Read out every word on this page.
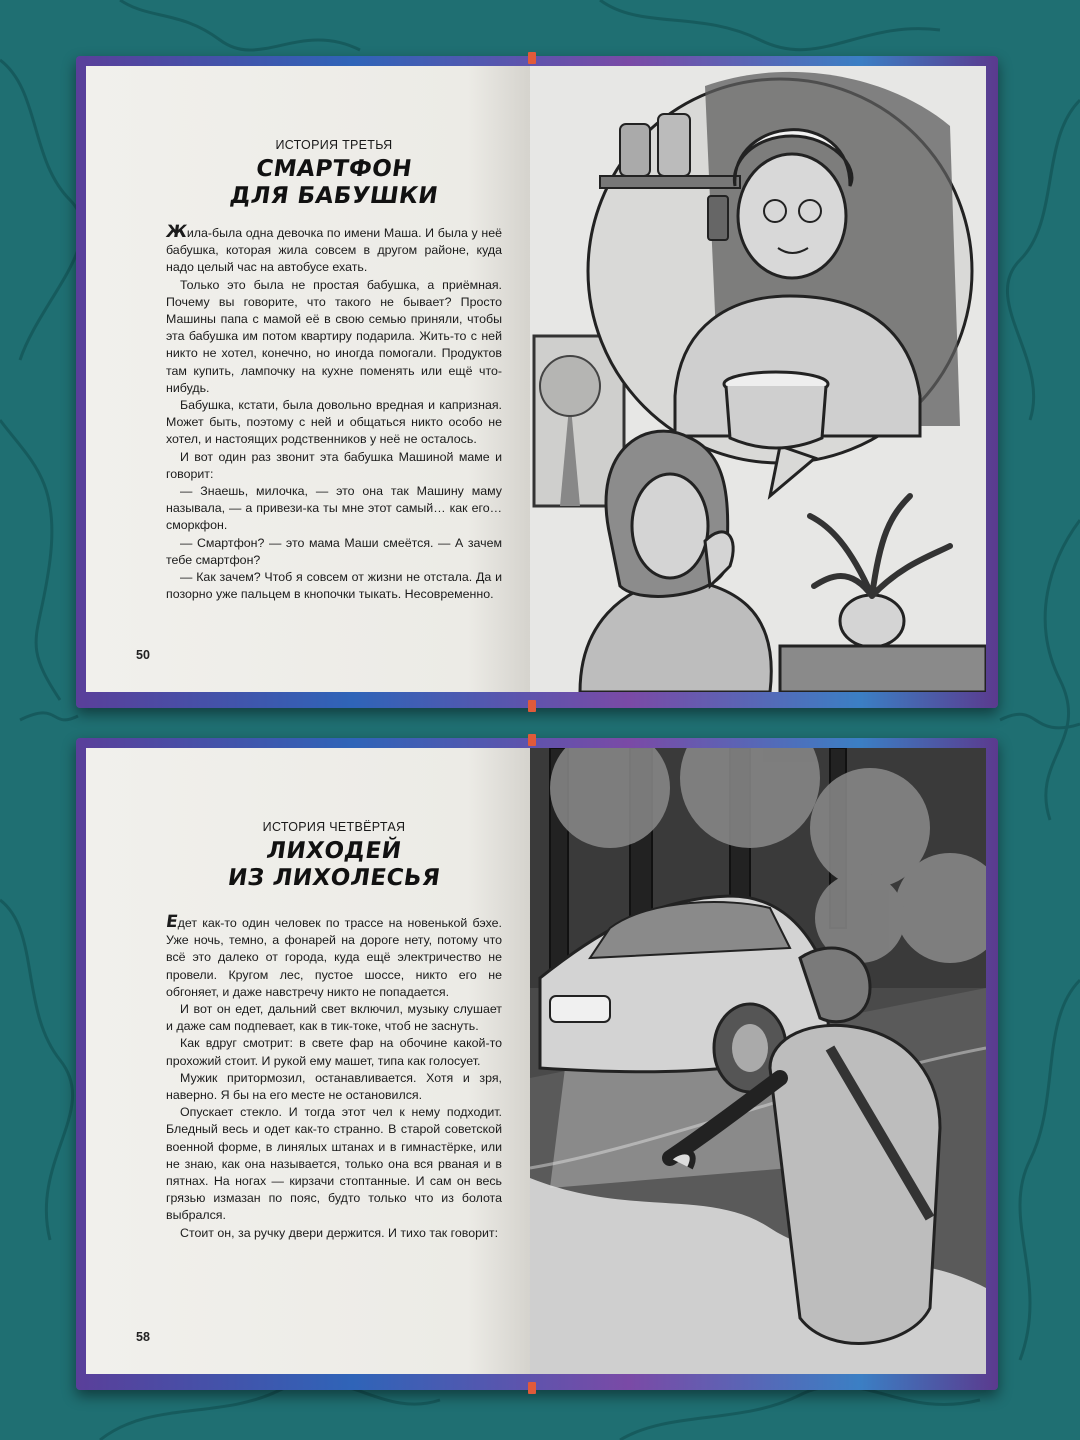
ИСТОРИЯ ТРЕТЬЯ
СМАРТФОН
ДЛЯ БАБУШКИ

Жила-была одна девочка по имени Маша. И была у неё бабушка, которая жила совсем в другом районе, куда надо целый час на автобусе ехать.

Только это была не простая бабушка, а приёмная. Почему вы говорите, что такого не бывает? Просто Машины папа с мамой её в свою семью приняли, чтобы эта бабушка им потом квартиру подарила. Жить-то с ней никто не хотел, конечно, но иногда помогали. Продуктов там купить, лампочку на кухне поменять или ещё что-нибудь.

Бабушка, кстати, была довольно вредная и капризная. Может быть, поэтому с ней и общаться никто особо не хотел, и настоящих родственников у неё не осталось.

И вот один раз звонит эта бабушка Машиной маме и говорит:

— Знаешь, милочка, — это она так Машину маму называла, — а привези-ка ты мне этот самый… как его… сморкфон.

— Смартфон? — это мама Маши смеётся. — А зачем тебе смартфон?

— Как зачем? Чтоб я совсем от жизни не отстала. Да и позорно уже пальцем в кнопочки тыкать. Несовременно.

50
ИСТОРИЯ ЧЕТВЁРТАЯ
ЛИХОДЕЙ
ИЗ ЛИХОЛЕСЬЯ

Едет как-то один человек по трассе на новенькой бэхе. Уже ночь, темно, а фонарей на дороге нету, потому что всё это далеко от города, куда ещё электричество не провели. Кругом лес, пустое шоссе, никто его не обгоняет, и даже навстречу никто не попадается.

И вот он едет, дальний свет включил, музыку слушает и даже сам подпевает, как в тик-токе, чтоб не заснуть.

Как вдруг смотрит: в свете фар на обочине какой-то прохожий стоит. И рукой ему машет, типа как голосует.

Мужик притормозил, останавливается. Хотя и зря, наверно. Я бы на его месте не остановился.

Опускает стекло. И тогда этот чел к нему подходит. Бледный весь и одет как-то странно. В старой советской военной форме, в линялых штанах и в гимнастёрке, или не знаю, как она называется, только она вся рваная и в пятнах. На ногах — кирзачи стоптанные. И сам он весь грязью измазан по пояс, будто только что из болота выбрался.

Стоит он, за ручку двери держится. И тихо так говорит:

58
